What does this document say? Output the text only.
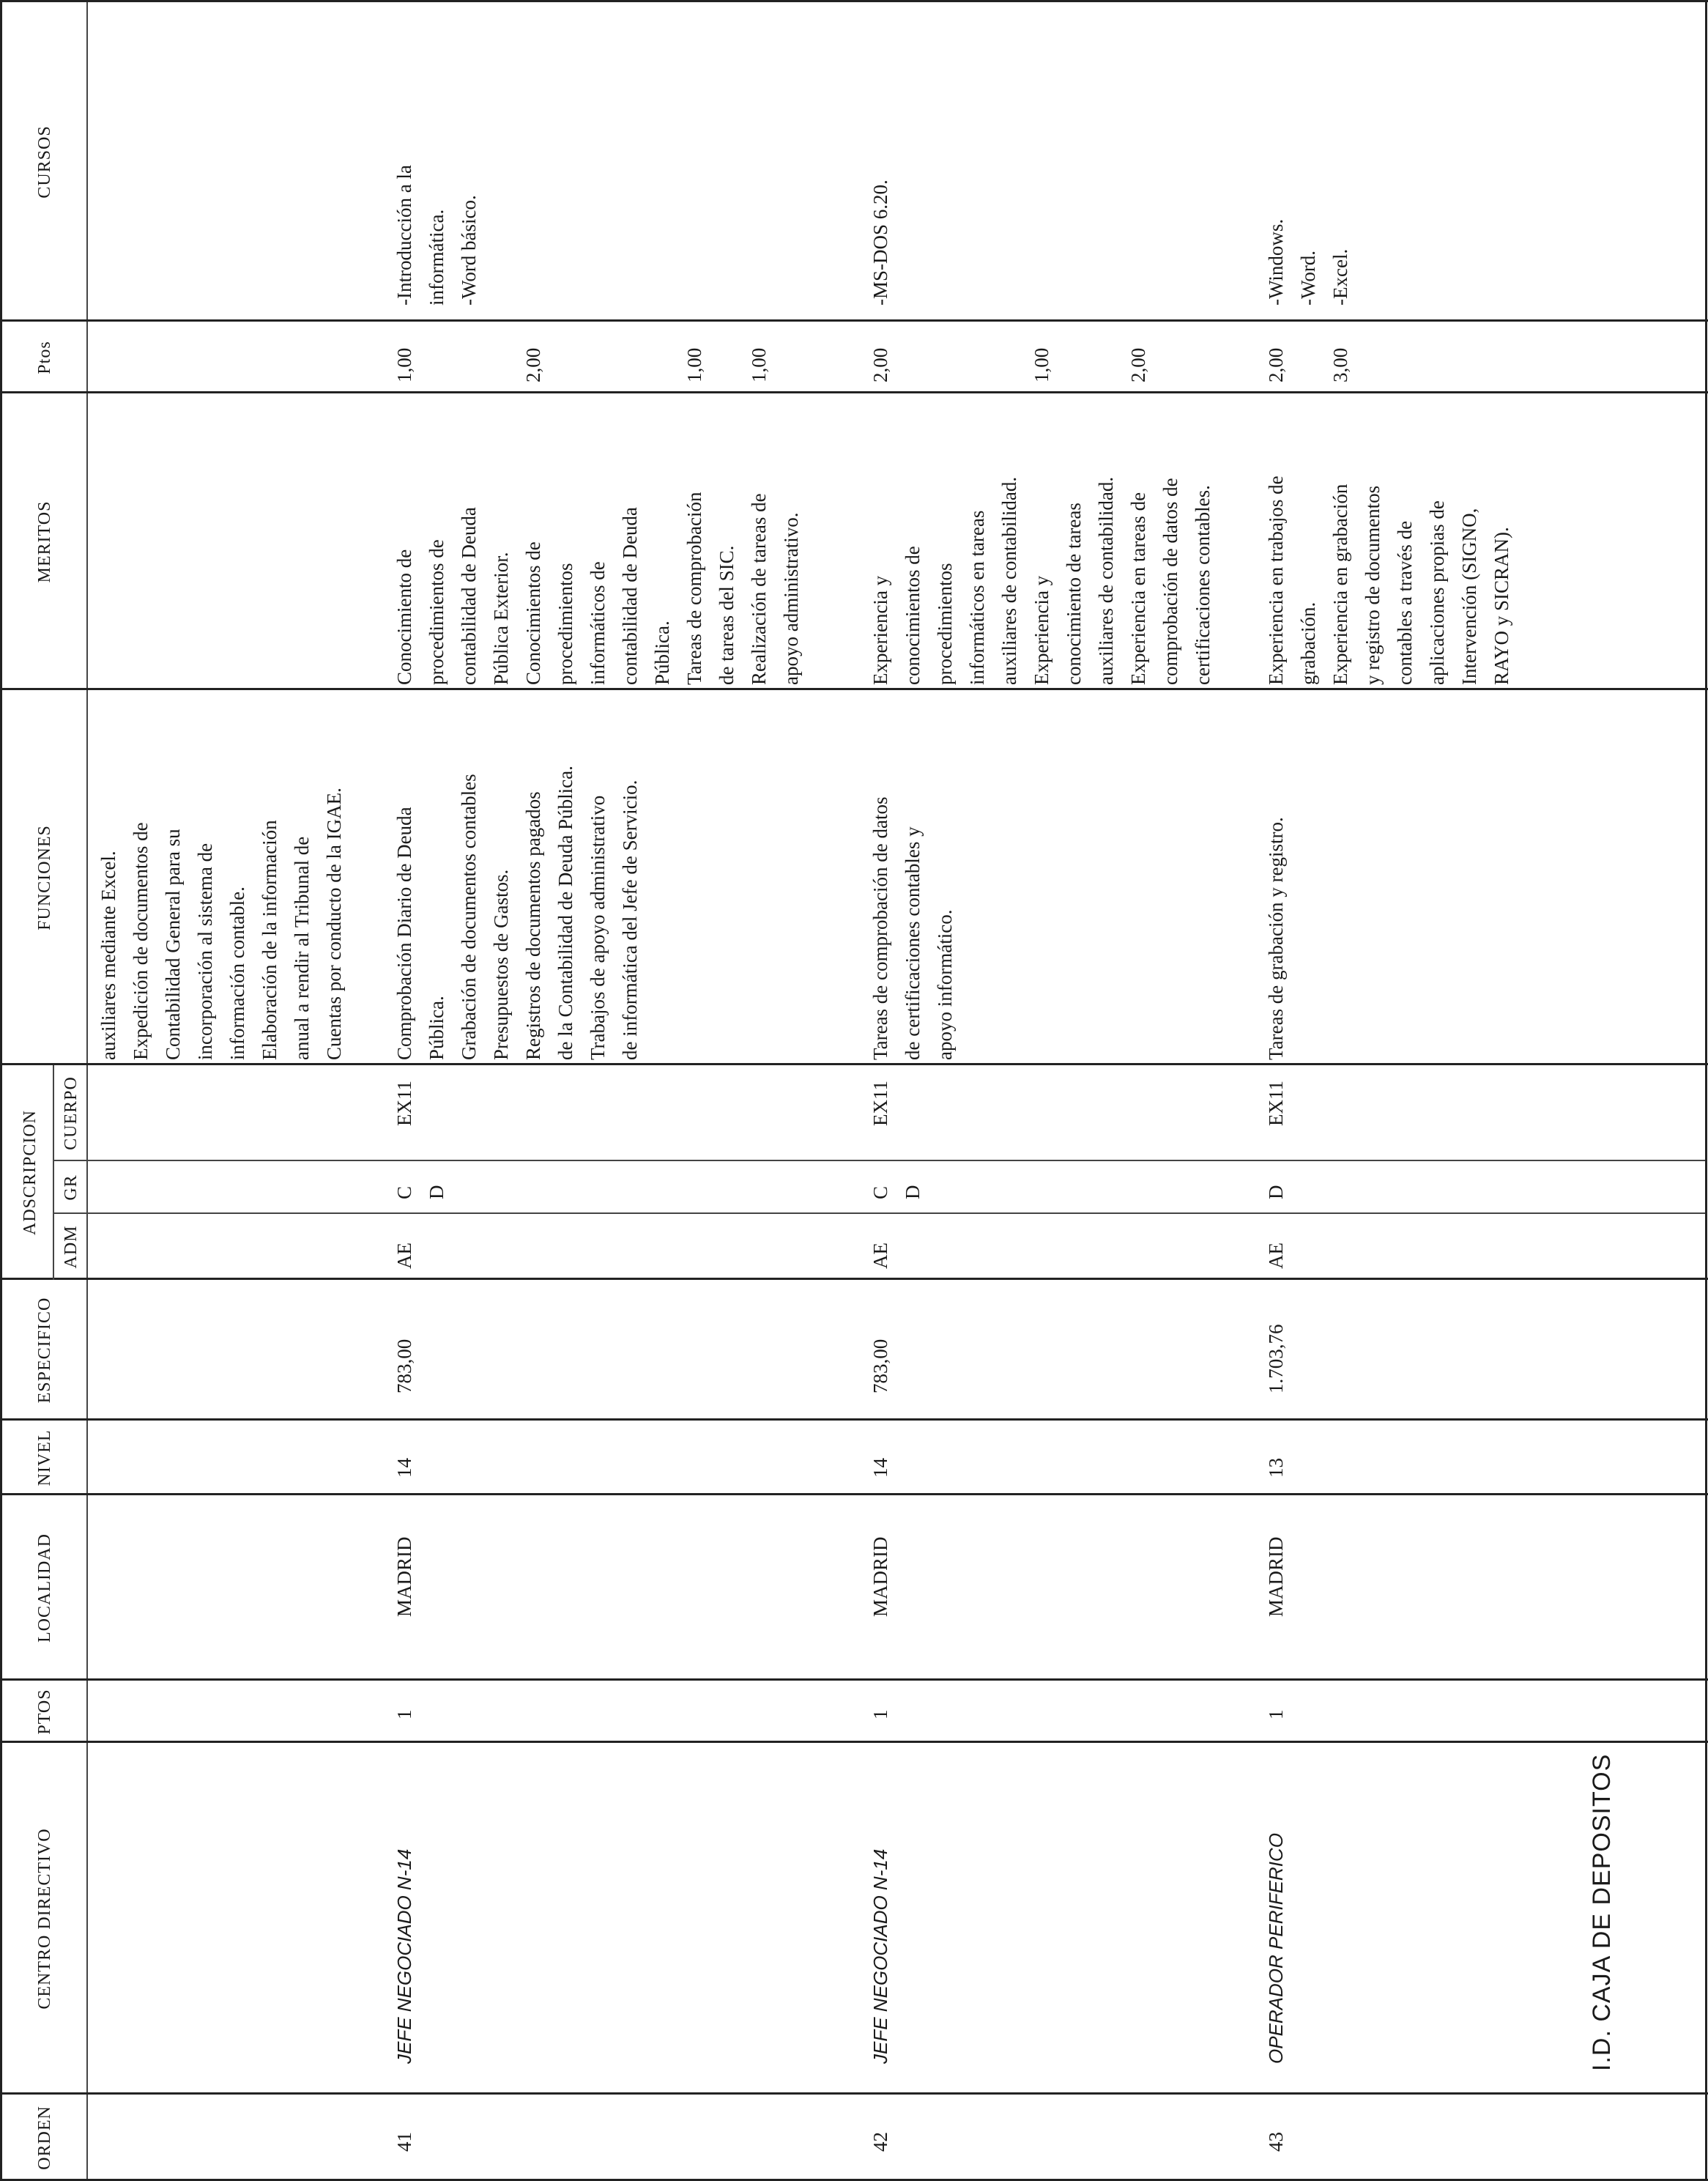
ORDEN
CENTRO DIRECTIVO
PTOS
LOCALIDAD
NIVEL
ESPECIFICO
ADSCRIPCION
ADM
GR
CUERPO
FUNCIONES
MERITOS
Ptos
CURSOS
auxiliares mediante Excel.
Expedición de documentos de
Contabilidad General para su
incorporación al sistema de
información contable.
Elaboración de la información
anual a rendir al Tribunal de
Cuentas por conducto de la IGAE.
41
JEFE NEGOCIADO N-14
1
MADRID
14
783,00
AE
C
D
EX11
Comprobación Diario de Deuda
Pública.
Grabación de documentos contables
Presupuestos de Gastos.
Registros de documentos pagados
de la Contabilidad de Deuda Pública.
Trabajos de apoyo administrativo
de informática del Jefe de Servicio.
Conocimiento de
procedimientos de
contabilidad de Deuda
Pública Exterior.
Conocimientos de
procedimientos
informáticos de
contabilidad de Deuda
Pública.
Tareas de comprobación
de tareas del SIC.
Realización de tareas de
apoyo administrativo.
1,00

2,00

1,00

1,00
-Introducción a la
informática.
-Word básico.
42
JEFE NEGOCIADO N-14
1
MADRID
14
783,00
AE
C
D
EX11
Tareas de comprobación de datos
de certificaciones contables y
apoyo informático.
Experiencia y
conocimientos de
procedimientos
informáticos en tareas
auxiliares de contabilidad.
Experiencia y
conocimiento de tareas
auxiliares de contabilidad.
Experiencia en tareas de
comprobación de datos de
certificaciones contables.
2,00

1,00

2,00
-MS-DOS 6.20.
43
OPERADOR PERIFERICO
1
MADRID
13
1.703,76
AE
D
EX11
Tareas de grabación y registro.
Experiencia en trabajos de
grabación.
Experiencia en grabación
y registro de documentos
contables a través de
aplicaciones propias de
Intervención (SIGNO,
RAYO y SICRAN).
2,00

3,00
-Windows.
-Word.
-Excel.
I.D. CAJA DE DEPOSITOS
